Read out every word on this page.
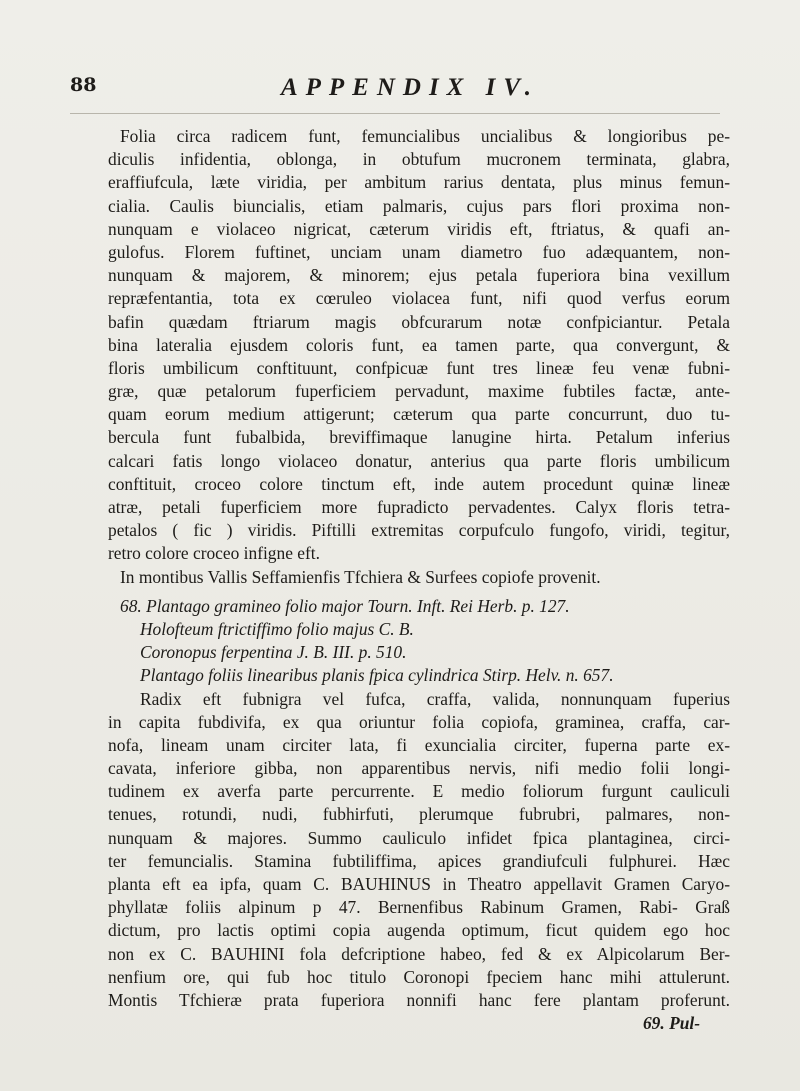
88	APPENDIX IV.
Folia circa radicem funt, femuncialibus uncialibus & longioribus pe-
diculis infidentia, oblonga, in obtufum mucronem terminata, glabra,
eraffiufcula, læte viridia, per ambitum rarius dentata, plus minus femun-
cialia. Caulis biuncialis, etiam palmaris, cujus pars flori proxima non-
nunquam e violaceo nigricat, cæterum viridis eft, ftriatus, & quafi an-
gulofus. Florem fuftinet, unciam unam diametro fuo adæquantem, non-
nunquam & majorem, & minorem; ejus petala fuperiora bina vexillum
repræfentantia, tota ex cœruleo violacea funt, nifi quod verfus eorum
bafin quædam ftriarum magis obfcurarum notæ confpiciantur. Petala
bina lateralia ejusdem coloris funt, ea tamen parte, qua convergunt, &
floris umbilicum conftituunt, confpicuæ funt tres lineæ feu venæ fubni-
græ, quæ petalorum fuperficiem pervadunt, maxime fubtiles factæ, ante-
quam eorum medium attigerunt; cæterum qua parte concurrunt, duo tu-
bercula funt fubalbida, breviffimaque lanugine hirta. Petalum inferius
calcari fatis longo violaceo donatur, anterius qua parte floris umbilicum
conftituit, croceo colore tinctum eft, inde autem procedunt quinæ lineæ
atræ, petali fuperficiem more fupradicto pervadentes. Calyx floris tetra-
petalos ( fic ) viridis. Piftilli extremitas corpufculo fungofo, viridi, tegitur,
retro colore croceo infigne eft.
In montibus Vallis Seffamienfis Tfchiera & Surfees copiofe provenit.
68. Plantago gramineo folio major Tourn. Inft. Rei Herb. p. 127.
Holofteum ftrictiffimo folio majus C. B.
Coronopus ferpentina J. B. III. p. 510.
Plantago foliis linearibus planis fpica cylindrica Stirp. Helv. n. 657.
Radix eft fubnigra vel fufca, craffa, valida, nonnunquam fuperius
in capita fubdivifa, ex qua oriuntur folia copiofa, graminea, craffa, car-
nofa, lineam unam circiter lata, fi exuncialia circiter, fuperna parte ex-
cavata, inferiore gibba, non apparentibus nervis, nifi medio folii longi-
tudinem ex averfa parte percurrente. E medio foliorum furgunt cauliculi
tenues, rotundi, nudi, fubhirfuti, plerumque fubrubri, palmares, non-
nunquam & majores. Summo cauliculo infidet fpica plantaginea, circi-
ter femuncialis. Stamina fubtiliffima, apices grandiufculi fulphurei. Hæc
planta eft ea ipfa, quam C. BAUHINUS in Theatro appellavit Gramen Caryo-
phyllatæ foliis alpinum p 47. Bernenfibus Rabinum Gramen, Rabi- Graß
dictum, pro lactis optimi copia augenda optimum, ficut quidem ego hoc
non ex C. BAUHINI fola defcriptione habeo, fed & ex Alpicolarum Ber-
nenfium ore, qui fub hoc titulo Coronopi fpeciem hanc mihi attulerunt.
Montis Tfchieræ prata fuperiora nonnifi hanc fere plantam proferunt.
69. Pul-
